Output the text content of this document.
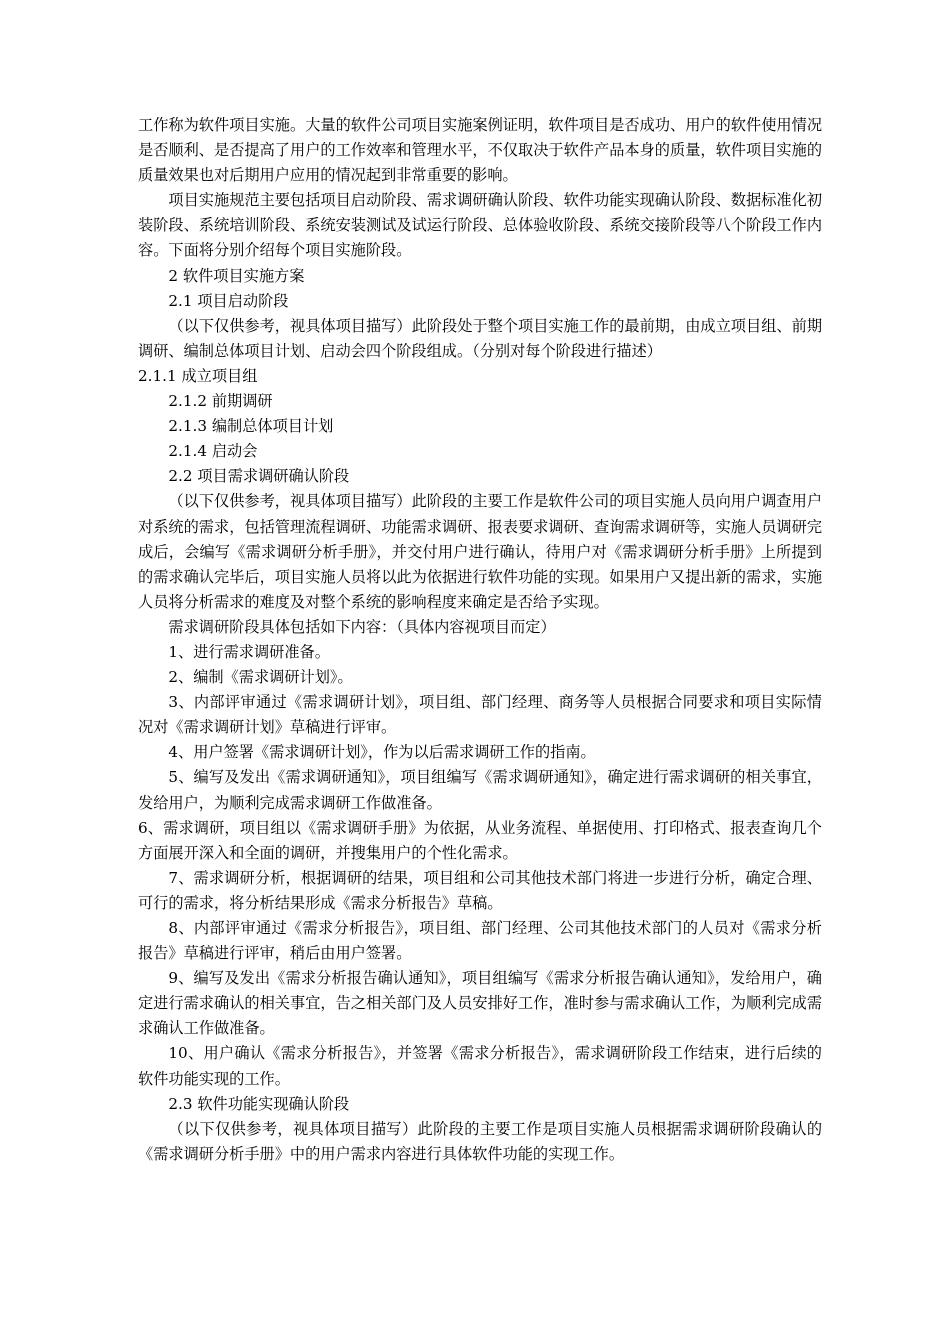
工作称为软件项目实施。大量的软件公司项目实施案例证明，软件项目是否成功、用户的软件使用情况是否顺利、是否提高了用户的工作效率和管理水平，不仅取决于软件产品本身的质量，软件项目实施的质量效果也对后期用户应用的情况起到非常重要的影响。

项目实施规范主要包括项目启动阶段、需求调研确认阶段、软件功能实现确认阶段、数据标准化初装阶段、系统培训阶段、系统安装测试及试运行阶段、总体验收阶段、系统交接阶段等八个阶段工作内容。下面将分别介绍每个项目实施阶段。

2 软件项目实施方案

2.1 项目启动阶段

（以下仅供参考，视具体项目描写）此阶段处于整个项目实施工作的最前期，由成立项目组、前期调研、编制总体项目计划、启动会四个阶段组成。（分别对每个阶段进行描述）

2.1.1 成立项目组

2.1.2 前期调研

2.1.3 编制总体项目计划

2.1.4 启动会

2.2 项目需求调研确认阶段

（以下仅供参考，视具体项目描写）此阶段的主要工作是软件公司的项目实施人员向用户调查用户对系统的需求，包括管理流程调研、功能需求调研、报表要求调研、查询需求调研等，实施人员调研完成后，会编写《需求调研分析手册》，并交付用户进行确认，待用户对《需求调研分析手册》上所提到的需求确认完毕后，项目实施人员将以此为依据进行软件功能的实现。如果用户又提出新的需求，实施人员将分析需求的难度及对整个系统的影响程度来确定是否给予实现。

需求调研阶段具体包括如下内容：（具体内容视项目而定）

1、进行需求调研准备。

2、编制《需求调研计划》。

3、内部评审通过《需求调研计划》，项目组、部门经理、商务等人员根据合同要求和项目实际情况对《需求调研计划》草稿进行评审。

4、用户签署《需求调研计划》，作为以后需求调研工作的指南。

5、编写及发出《需求调研通知》，项目组编写《需求调研通知》，确定进行需求调研的相关事宜，发给用户，为顺利完成需求调研工作做准备。

6、需求调研，项目组以《需求调研手册》为依据，从业务流程、单据使用、打印格式、报表查询几个方面展开深入和全面的调研，并搜集用户的个性化需求。

7、需求调研分析，根据调研的结果，项目组和公司其他技术部门将进一步进行分析，确定合理、可行的需求，将分析结果形成《需求分析报告》草稿。

8、内部评审通过《需求分析报告》，项目组、部门经理、公司其他技术部门的人员对《需求分析报告》草稿进行评审，稍后由用户签署。

9、编写及发出《需求分析报告确认通知》，项目组编写《需求分析报告确认通知》，发给用户，确定进行需求确认的相关事宜，告之相关部门及人员安排好工作，准时参与需求确认工作，为顺利完成需求确认工作做准备。

10、用户确认《需求分析报告》，并签署《需求分析报告》，需求调研阶段工作结束，进行后续的软件功能实现的工作。

2.3 软件功能实现确认阶段

（以下仅供参考，视具体项目描写）此阶段的主要工作是项目实施人员根据需求调研阶段确认的《需求调研分析手册》中的用户需求内容进行具体软件功能的实现工作。
